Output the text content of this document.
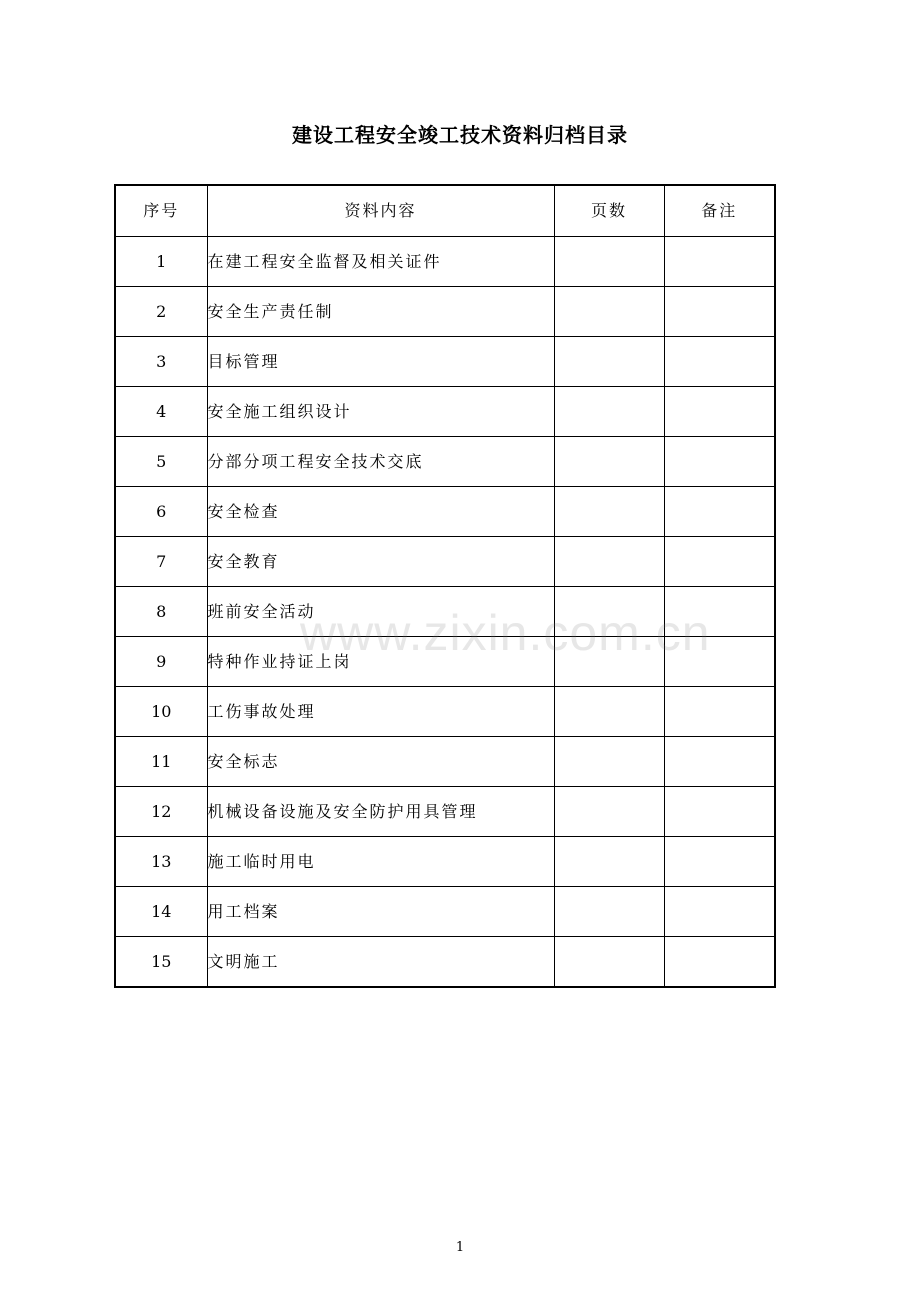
建设工程安全竣工技术资料归档目录
序号	资料内容	页数	备注
1	在建工程安全监督及相关证件		
2	安全生产责任制		
3	目标管理		
4	安全施工组织设计		
5	分部分项工程安全技术交底		
6	安全检查		
7	安全教育		
8	班前安全活动		
9	特种作业持证上岗		
10	工伤事故处理		
11	安全标志		
12	机械设备设施及安全防护用具管理		
13	施工临时用电		
14	用工档案		
15	文明施工		
www.zixin.com.cn
1
